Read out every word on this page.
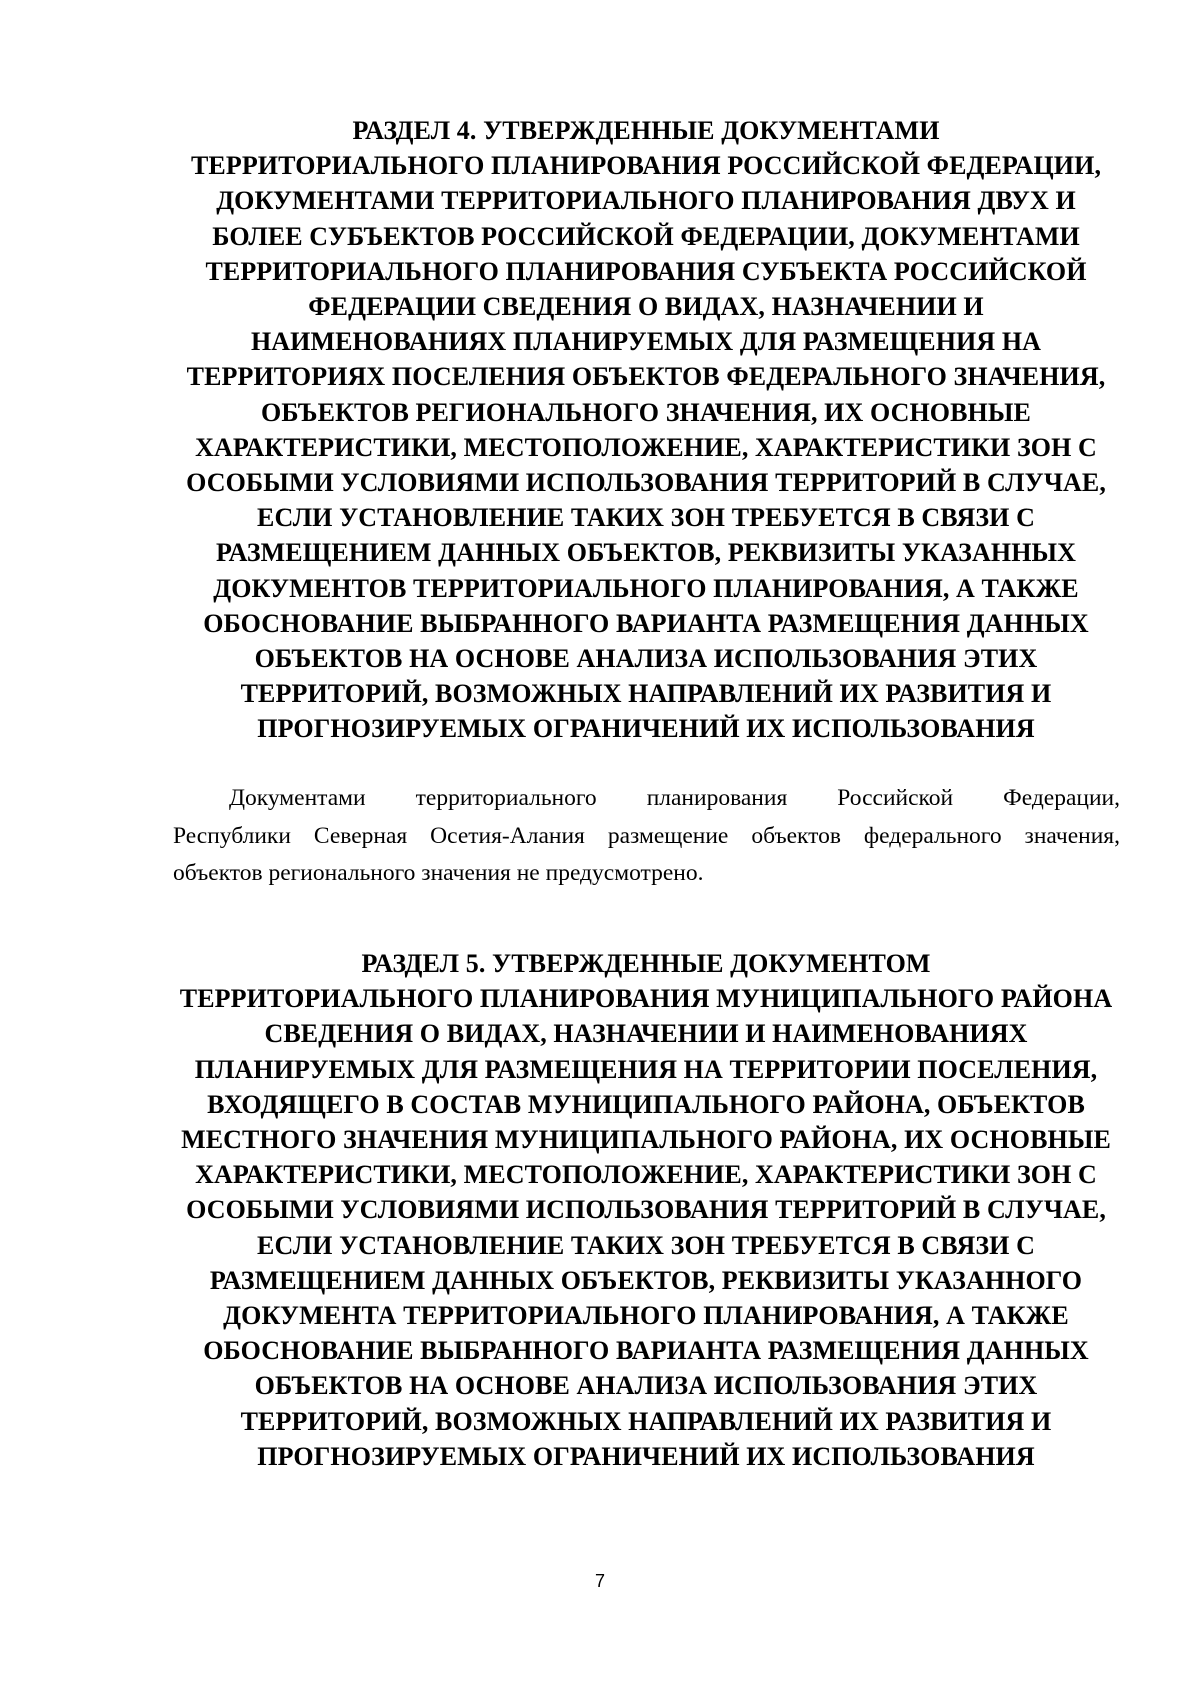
РАЗДЕЛ 4. УТВЕРЖДЕННЫЕ ДОКУМЕНТАМИ
ТЕРРИТОРИАЛЬНОГО ПЛАНИРОВАНИЯ РОССИЙСКОЙ ФЕДЕРАЦИИ,
ДОКУМЕНТАМИ ТЕРРИТОРИАЛЬНОГО ПЛАНИРОВАНИЯ ДВУХ И
БОЛЕЕ СУБЪЕКТОВ РОССИЙСКОЙ ФЕДЕРАЦИИ, ДОКУМЕНТАМИ
ТЕРРИТОРИАЛЬНОГО ПЛАНИРОВАНИЯ СУБЪЕКТА РОССИЙСКОЙ
ФЕДЕРАЦИИ СВЕДЕНИЯ О ВИДАХ, НАЗНАЧЕНИИ И
НАИМЕНОВАНИЯХ ПЛАНИРУЕМЫХ ДЛЯ РАЗМЕЩЕНИЯ НА
ТЕРРИТОРИЯХ ПОСЕЛЕНИЯ ОБЪЕКТОВ ФЕДЕРАЛЬНОГО ЗНАЧЕНИЯ,
ОБЪЕКТОВ РЕГИОНАЛЬНОГО ЗНАЧЕНИЯ, ИХ ОСНОВНЫЕ
ХАРАКТЕРИСТИКИ, МЕСТОПОЛОЖЕНИЕ, ХАРАКТЕРИСТИКИ ЗОН С
ОСОБЫМИ УСЛОВИЯМИ ИСПОЛЬЗОВАНИЯ ТЕРРИТОРИЙ В СЛУЧАЕ,
ЕСЛИ УСТАНОВЛЕНИЕ ТАКИХ ЗОН ТРЕБУЕТСЯ В СВЯЗИ С
РАЗМЕЩЕНИЕМ ДАННЫХ ОБЪЕКТОВ, РЕКВИЗИТЫ УКАЗАННЫХ
ДОКУМЕНТОВ ТЕРРИТОРИАЛЬНОГО ПЛАНИРОВАНИЯ, А ТАКЖЕ
ОБОСНОВАНИЕ ВЫБРАННОГО ВАРИАНТА РАЗМЕЩЕНИЯ ДАННЫХ
ОБЪЕКТОВ НА ОСНОВЕ АНАЛИЗА ИСПОЛЬЗОВАНИЯ ЭТИХ
ТЕРРИТОРИЙ, ВОЗМОЖНЫХ НАПРАВЛЕНИЙ ИХ РАЗВИТИЯ И
ПРОГНОЗИРУЕМЫХ ОГРАНИЧЕНИЙ ИХ ИСПОЛЬЗОВАНИЯ

Документами территориального планирования Российской Федерации,
Республики Северная Осетия-Алания размещение объектов федерального значения,
объектов регионального значения не предусмотрено.

РАЗДЕЛ 5. УТВЕРЖДЕННЫЕ ДОКУМЕНТОМ
ТЕРРИТОРИАЛЬНОГО ПЛАНИРОВАНИЯ МУНИЦИПАЛЬНОГО РАЙОНА
СВЕДЕНИЯ О ВИДАХ, НАЗНАЧЕНИИ И НАИМЕНОВАНИЯХ
ПЛАНИРУЕМЫХ ДЛЯ РАЗМЕЩЕНИЯ НА ТЕРРИТОРИИ ПОСЕЛЕНИЯ,
ВХОДЯЩЕГО В СОСТАВ МУНИЦИПАЛЬНОГО РАЙОНА, ОБЪЕКТОВ
МЕСТНОГО ЗНАЧЕНИЯ МУНИЦИПАЛЬНОГО РАЙОНА, ИХ ОСНОВНЫЕ
ХАРАКТЕРИСТИКИ, МЕСТОПОЛОЖЕНИЕ, ХАРАКТЕРИСТИКИ ЗОН С
ОСОБЫМИ УСЛОВИЯМИ ИСПОЛЬЗОВАНИЯ ТЕРРИТОРИЙ В СЛУЧАЕ,
ЕСЛИ УСТАНОВЛЕНИЕ ТАКИХ ЗОН ТРЕБУЕТСЯ В СВЯЗИ С
РАЗМЕЩЕНИЕМ ДАННЫХ ОБЪЕКТОВ, РЕКВИЗИТЫ УКАЗАННОГО
ДОКУМЕНТА ТЕРРИТОРИАЛЬНОГО ПЛАНИРОВАНИЯ, А ТАКЖЕ
ОБОСНОВАНИЕ ВЫБРАННОГО ВАРИАНТА РАЗМЕЩЕНИЯ ДАННЫХ
ОБЪЕКТОВ НА ОСНОВЕ АНАЛИЗА ИСПОЛЬЗОВАНИЯ ЭТИХ
ТЕРРИТОРИЙ, ВОЗМОЖНЫХ НАПРАВЛЕНИЙ ИХ РАЗВИТИЯ И
ПРОГНОЗИРУЕМЫХ ОГРАНИЧЕНИЙ ИХ ИСПОЛЬЗОВАНИЯ
7
